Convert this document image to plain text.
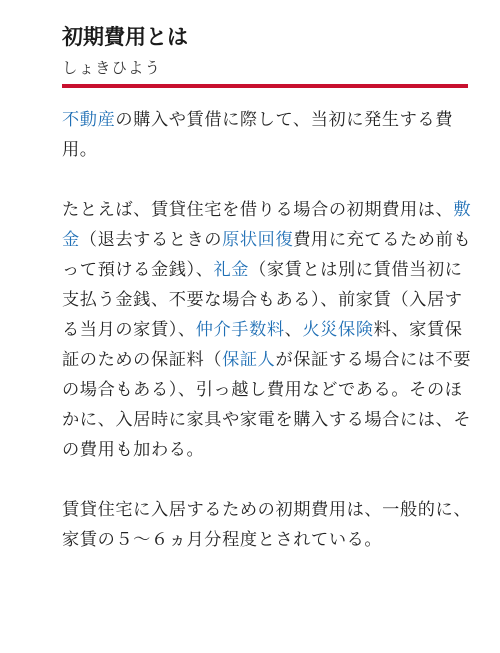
初期費用とは
しょきひよう

不動産の購入や賃借に際して、当初に発生する費用。

たとえば、賃貸住宅を借りる場合の初期費用は、敷金（退去するときの原状回復費用に充てるため前もって預ける金銭）、礼金（家賃とは別に賃借当初に支払う金銭、不要な場合もある）、前家賃（入居する当月の家賃）、仲介手数料、火災保険料、家賃保証のための保証料（保証人が保証する場合には不要の場合もある）、引っ越し費用などである。そのほかに、入居時に家具や家電を購入する場合には、その費用も加わる。

賃貸住宅に入居するための初期費用は、一般的に、家賃の５～６ヵ月分程度とされている。
